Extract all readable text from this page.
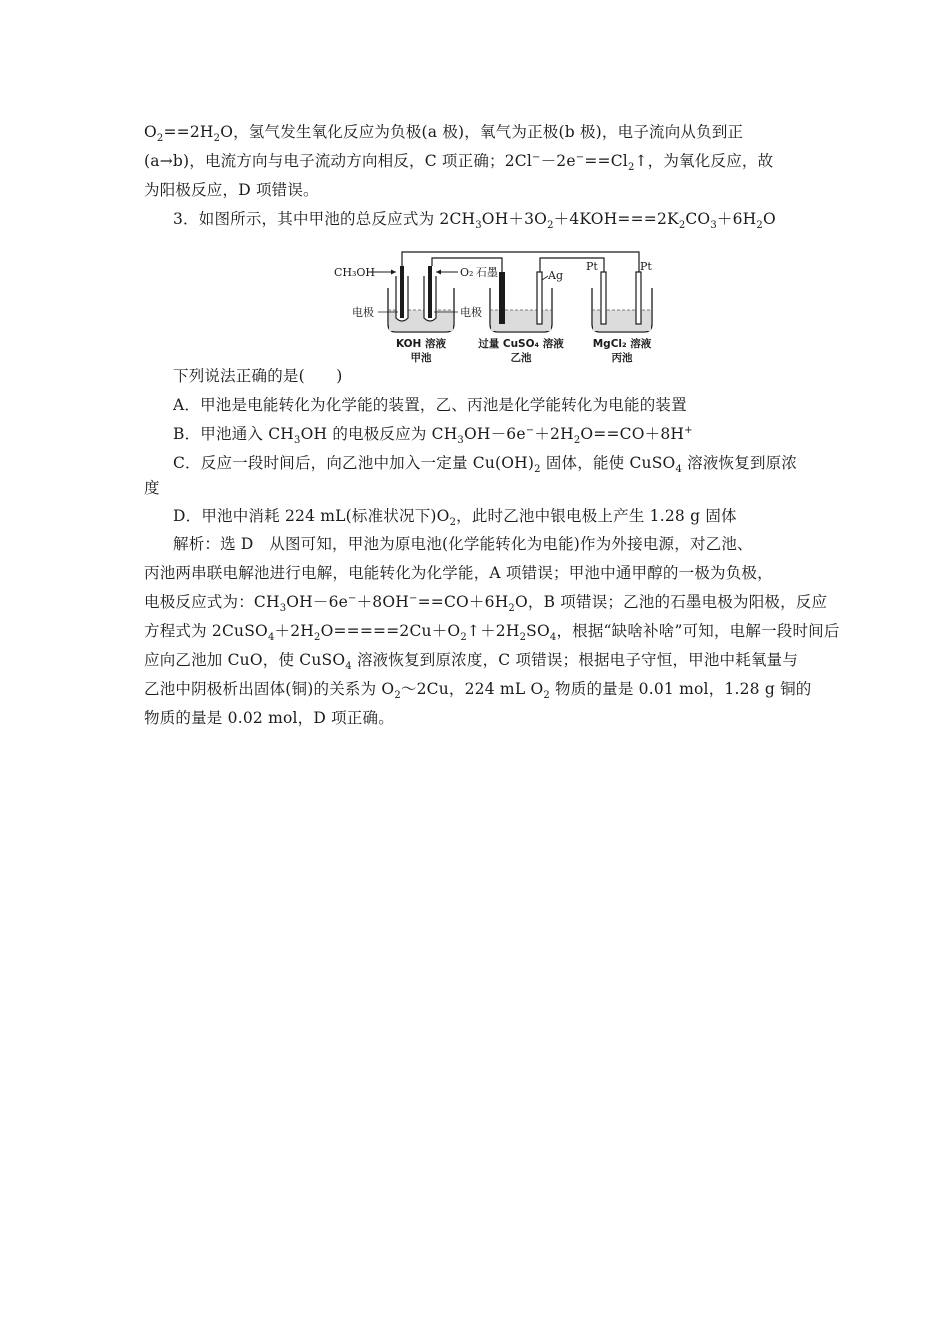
$O_2==2H_2O$，氢气发生氧化反应为负极(a 极)，氧气为正极(b 极)，电子流向从负到正
(a→b)，电流方向与电子流动方向相反，C 项正确；$2Cl^--2e^-==Cl_2↑$，为氧化反应，故
为阳极反应，D 项错误。
3．如图所示，其中甲池的总反应式为 $2CH_3OH+3O_2+4KOH===2K_2CO_3+6H_2O$
CH₃OH	O₂ 石墨
电极	电极
KOH 溶液
甲池
Ag
过量 CuSO₄ 溶液
乙池
Pt	Pt
MgCl₂ 溶液
丙池
下列说法正确的是(　　)
A．甲池是电能转化为化学能的装置，乙、丙池是化学能转化为电能的装置
B．甲池通入 $CH_3OH$ 的电极反应为 $CH_3OH-6e^-+2H_2O==CO+8H^+$
C．反应一段时间后，向乙池中加入一定量 $Cu(OH)_2$ 固体，能使 CuSO$_4$ 溶液恢复到原浓
度
D．甲池中消耗 224 mL(标准状况下)$O_2$，此时乙池中银电极上产生 1.28 g 固体
解析：选 D　从图可知，甲池为原电池(化学能转化为电能)作为外接电源，对乙池、
丙池两串联电解池进行电解，电能转化为化学能，A 项错误；甲池中通甲醇的一极为负极，
电极反应式为：$CH_3OH-6e^-+8OH^-==CO+6H_2O$，B 项错误；乙池的石墨电极为阳极，反应
方程式为 $2CuSO_4+2H_2O=====2Cu+O_2↑+2H_2SO_4$，根据“缺啥补啥”可知，电解一段时间后
应向乙池加 CuO，使 CuSO$_4$ 溶液恢复到原浓度，C 项错误；根据电子守恒，甲池中耗氧量与
乙池中阴极析出固体(铜)的关系为 $O_2\sim 2Cu$，224 mL $O_2$ 物质的量是 0.01 mol，1.28 g 铜的
物质的量是 0.02 mol，D 项正确。
